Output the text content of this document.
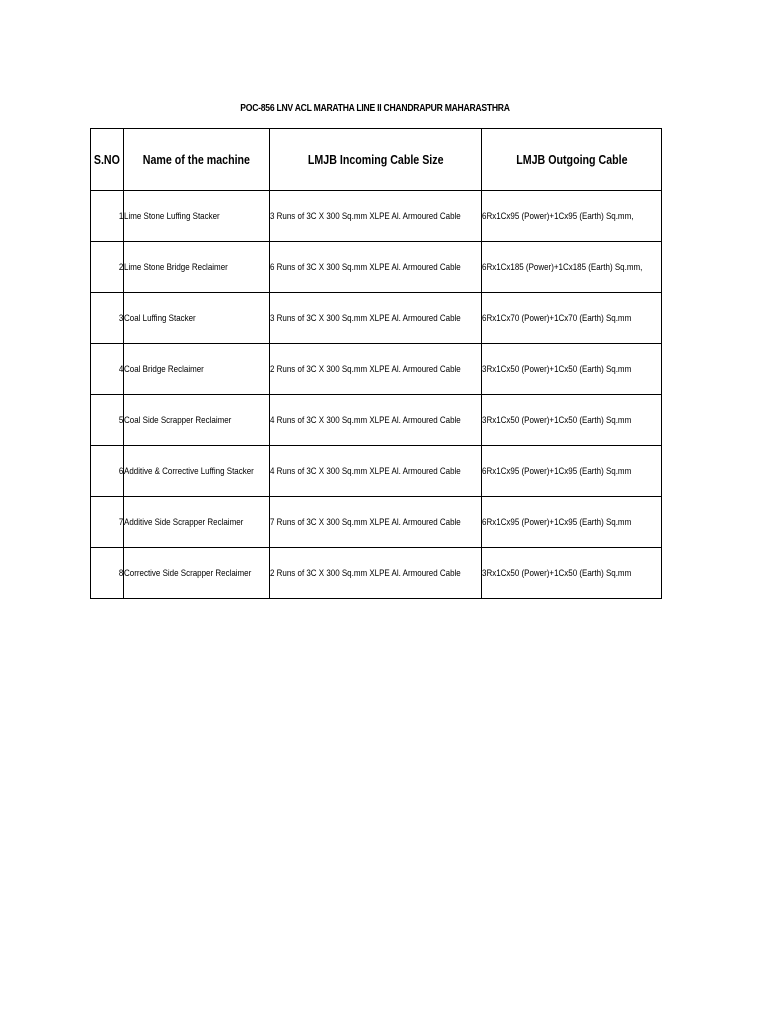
POC-856 LNV ACL MARATHA LINE II CHANDRAPUR MAHARASTHRA
S.NO	Name of the machine	LMJB Incoming Cable Size	LMJB Outgoing Cable
1	Lime Stone Luffing Stacker	3 Runs of 3C X 300 Sq.mm XLPE Al. Armoured Cable	6Rx1Cx95 (Power)+1Cx95 (Earth) Sq.mm,
2	Lime Stone Bridge Reclaimer	6 Runs of 3C X 300 Sq.mm XLPE Al. Armoured Cable	6Rx1Cx185 (Power)+1Cx185 (Earth) Sq.mm,
3	Coal Luffing Stacker	3 Runs of 3C X 300 Sq.mm XLPE Al. Armoured Cable	6Rx1Cx70 (Power)+1Cx70 (Earth) Sq.mm
4	Coal Bridge Reclaimer	2 Runs of 3C X 300 Sq.mm XLPE Al. Armoured Cable	3Rx1Cx50 (Power)+1Cx50 (Earth) Sq.mm
5	Coal Side Scrapper Reclaimer	4 Runs of 3C X 300 Sq.mm XLPE Al. Armoured Cable	3Rx1Cx50 (Power)+1Cx50 (Earth) Sq.mm
6	Additive & Corrective Luffing Stacker	4 Runs of 3C X 300 Sq.mm XLPE Al. Armoured Cable	6Rx1Cx95 (Power)+1Cx95 (Earth) Sq.mm
7	Additive Side Scrapper Reclaimer	7 Runs of 3C X 300 Sq.mm XLPE Al. Armoured Cable	6Rx1Cx95 (Power)+1Cx95 (Earth) Sq.mm
8	Corrective Side Scrapper Reclaimer	2 Runs of 3C X 300 Sq.mm XLPE Al. Armoured Cable	3Rx1Cx50 (Power)+1Cx50 (Earth) Sq.mm
